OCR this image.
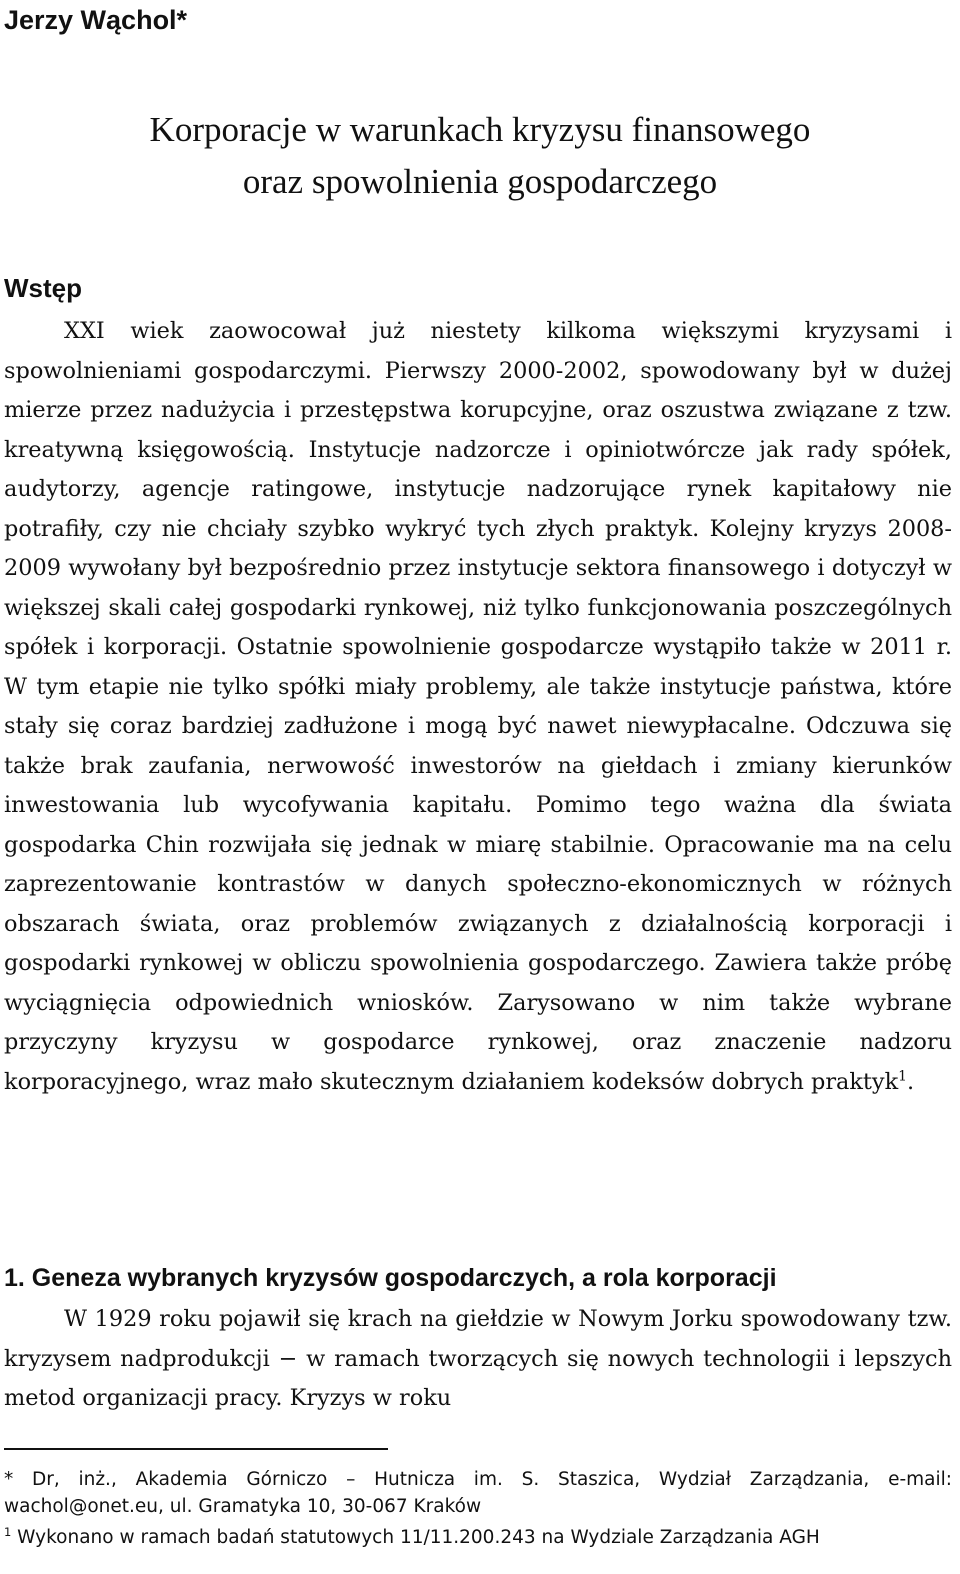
Jerzy Wąchol*
Korporacje w warunkach kryzysu finansowego
oraz spowolnienia gospodarczego
Wstęp
XXI wiek zaowocował już niestety kilkoma większymi kryzysami i spowolnieniami gospodarczymi. Pierwszy 2000-2002, spowodowany był w dużej mierze przez nadużycia i przestępstwa korupcyjne, oraz oszustwa związane z tzw. kreatywną księgowością. Instytucje nadzorcze i opiniotwórcze jak rady spółek, audytorzy, agencje ratingowe, instytucje nadzorujące rynek kapitałowy nie potrafiły, czy nie chciały szybko wykryć tych złych praktyk. Kolejny kryzys 2008-2009 wywołany był bezpośrednio przez instytucje sektora finansowego i dotyczył w większej skali całej gospodarki rynkowej, niż tylko funkcjonowania poszczególnych spółek i korporacji. Ostatnie spowolnienie gospodarcze wystąpiło także w 2011 r. W tym etapie nie tylko spółki miały problemy, ale także instytucje państwa, które stały się coraz bardziej zadłużone i mogą być nawet niewypłacalne. Odczuwa się także brak zaufania, nerwowość inwestorów na giełdach i zmiany kierunków inwestowania lub wycofywania kapitału. Pomimo tego ważna dla świata gospodarka Chin rozwijała się jednak w miarę stabilnie. Opracowanie ma na celu zaprezentowanie kontrastów w danych społeczno-ekonomicznych w różnych obszarach świata, oraz problemów związanych z działalnością korporacji i gospodarki rynkowej w obliczu spowolnienia gospodarczego. Zawiera także próbę wyciągnięcia odpowiednich wniosków. Zarysowano w nim także wybrane przyczyny kryzysu w gospodarce rynkowej, oraz znaczenie nadzoru korporacyjnego, wraz mało skutecznym działaniem kodeksów dobrych praktyk$^1$.
1. Geneza wybranych kryzysów gospodarczych, a rola korporacji
W 1929 roku pojawił się krach na giełdzie w Nowym Jorku spowodowany tzw. kryzysem nadprodukcji − w ramach tworzących się nowych technologii i lepszych metod organizacji pracy. Kryzys w roku

* Dr, inż., Akademia Górniczo – Hutnicza im. S. Staszica, Wydział Zarządzania, e-mail: wachol@onet.eu, ul. Gramatyka 10, 30-067 Kraków

$^1$ Wykonano w ramach badań statutowych 11/11.200.243 na Wydziale Zarządzania AGH
